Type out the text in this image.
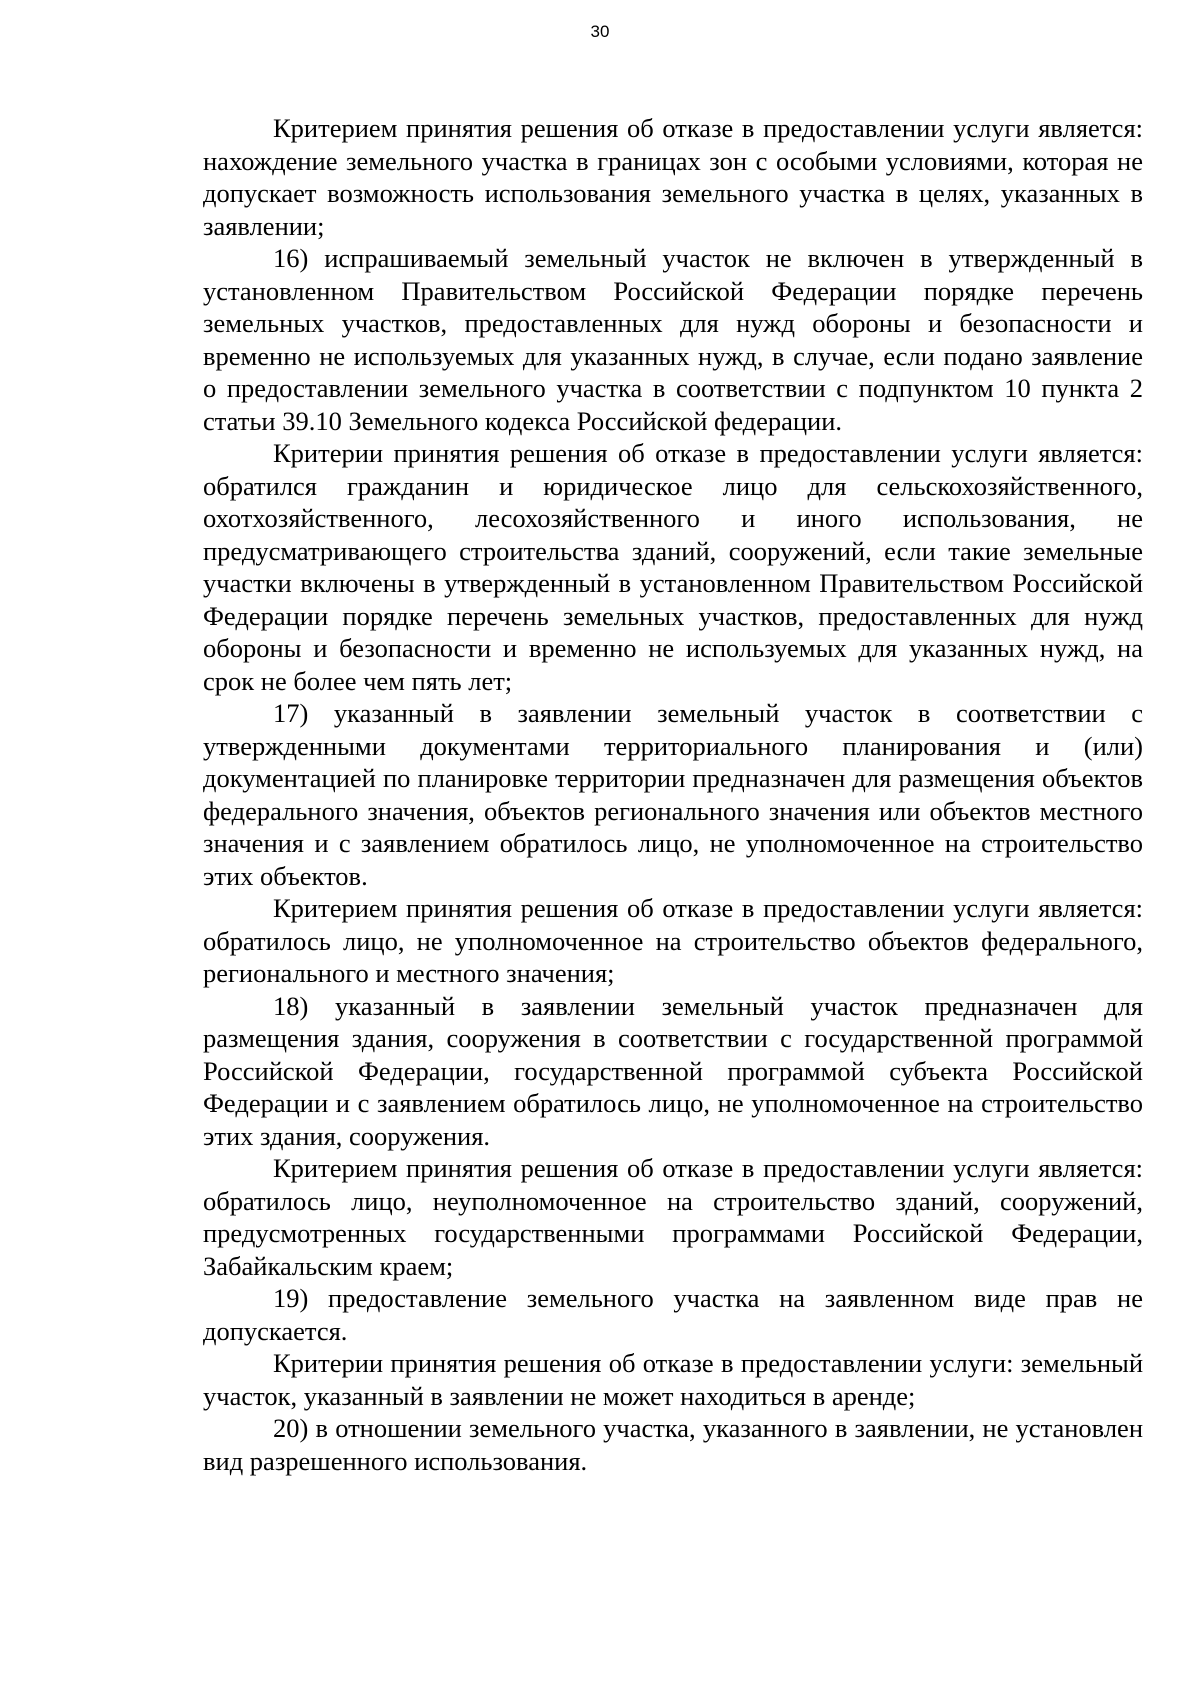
30

Критерием принятия решения об отказе в предоставлении услуги является: нахождение земельного участка в границах зон с особыми условиями, которая не допускает возможность использования земельного участка в целях, указанных в заявлении;

16) испрашиваемый земельный участок не включен в утвержденный в установленном Правительством Российской Федерации порядке перечень земельных участков, предоставленных для нужд обороны и безопасности и временно не используемых для указанных нужд, в случае, если подано заявление о предоставлении земельного участка в соответствии с подпунктом 10 пункта 2 статьи 39.10 Земельного кодекса Российской федерации.

Критерии принятия решения об отказе в предоставлении услуги является: обратился гражданин и юридическое лицо для сельскохозяйственного, охотхозяйственного, лесохозяйственного и иного использования, не предусматривающего строительства зданий, сооружений, если такие земельные участки включены в утвержденный в установленном Правительством Российской Федерации порядке перечень земельных участков, предоставленных для нужд обороны и безопасности и временно не используемых для указанных нужд, на срок не более чем пять лет;

17) указанный в заявлении земельный участок в соответствии с утвержденными документами территориального планирования и (или) документацией по планировке территории предназначен для размещения объектов федерального значения, объектов регионального значения или объектов местного значения и с заявлением обратилось лицо, не уполномоченное на строительство этих объектов.

Критерием принятия решения об отказе в предоставлении услуги является: обратилось лицо, не уполномоченное на строительство объектов федерального, регионального и местного значения;

18) указанный в заявлении земельный участок предназначен для размещения здания, сооружения в соответствии с государственной программой Российской Федерации, государственной программой субъекта Российской Федерации и с заявлением обратилось лицо, не уполномоченное на строительство этих здания, сооружения.

Критерием принятия решения об отказе в предоставлении услуги является: обратилось лицо, неуполномоченное на строительство зданий, сооружений, предусмотренных государственными программами Российской Федерации, Забайкальским краем;

19) предоставление земельного участка на заявленном виде прав не допускается.

Критерии принятия решения об отказе в предоставлении услуги: земельный участок, указанный в заявлении не может находиться в аренде;

20) в отношении земельного участка, указанного в заявлении, не установлен вид разрешенного использования.
